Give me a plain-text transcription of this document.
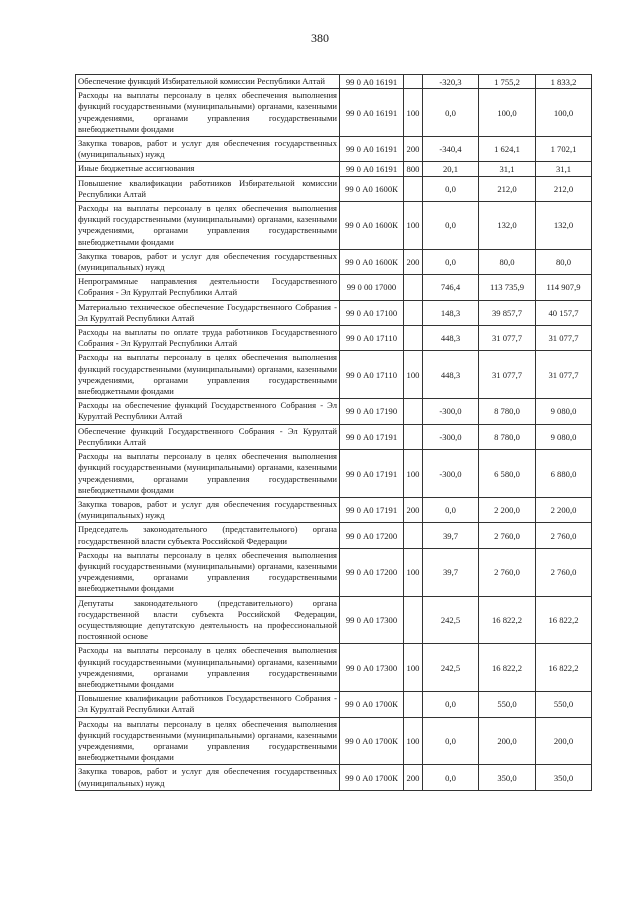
380
Обеспечение функций Избирательной комиссии Республики Алтай	99 0 А0 16191		-320,3	1 755,2	1 833,2
Расходы на выплаты персоналу в целях обеспечения выполнения функций государственными (муниципальными) органами, казенными учреждениями, органами управления государственными внебюджетными фондами	99 0 А0 16191	100	0,0	100,0	100,0
Закупка товаров, работ и услуг для обеспечения государственных (муниципальных) нужд	99 0 А0 16191	200	-340,4	1 624,1	1 702,1
Иные бюджетные ассигнования	99 0 А0 16191	800	20,1	31,1	31,1
Повышение квалификации работников Избирательной комиссии Республики Алтай	99 0 А0 1600К		0,0	212,0	212,0
Расходы на выплаты персоналу в целях обеспечения выполнения функций государственными (муниципальными) органами, казенными учреждениями, органами управления государственными внебюджетными фондами	99 0 А0 1600К	100	0,0	132,0	132,0
Закупка товаров, работ и услуг для обеспечения государственных (муниципальных) нужд	99 0 А0 1600К	200	0,0	80,0	80,0
Непрограммные направления деятельности Государственного Собрания - Эл Курултай Республики Алтай	99 0 00 17000		746,4	113 735,9	114 907,9
Материально техническое обеспечение Государственного Собрания - Эл Курултай Республики Алтай	99 0 А0 17100		148,3	39 857,7	40 157,7
Расходы на выплаты по оплате труда работников Государственного Собрания - Эл Курултай Республики Алтай	99 0 А0 17110		448,3	31 077,7	31 077,7
Расходы на выплаты персоналу в целях обеспечения выполнения функций государственными (муниципальными) органами, казенными учреждениями, органами управления государственными внебюджетными фондами	99 0 А0 17110	100	448,3	31 077,7	31 077,7
Расходы на обеспечение функций Государственного Собрания - Эл Курултай Республики Алтай	99 0 А0 17190		-300,0	8 780,0	9 080,0
Обеспечение функций Государственного Собрания - Эл Курултай Республики Алтай	99 0 А0 17191		-300,0	8 780,0	9 080,0
Расходы на выплаты персоналу в целях обеспечения выполнения функций государственными (муниципальными) органами, казенными учреждениями, органами управления государственными внебюджетными фондами	99 0 А0 17191	100	-300,0	6 580,0	6 880,0
Закупка товаров, работ и услуг для обеспечения государственных (муниципальных) нужд	99 0 А0 17191	200	0,0	2 200,0	2 200,0
Председатель законодательного (представительного) органа государственной власти субъекта Российской Федерации	99 0 А0 17200		39,7	2 760,0	2 760,0
Расходы на выплаты персоналу в целях обеспечения выполнения функций государственными (муниципальными) органами, казенными учреждениями, органами управления государственными внебюджетными фондами	99 0 А0 17200	100	39,7	2 760,0	2 760,0
Депутаты законодательного (представительного) органа государственной власти субъекта Российской Федерации, осуществляющие депутатскую деятельность на профессиональной постоянной основе	99 0 А0 17300		242,5	16 822,2	16 822,2
Расходы на выплаты персоналу в целях обеспечения выполнения функций государственными (муниципальными) органами, казенными учреждениями, органами управления государственными внебюджетными фондами	99 0 А0 17300	100	242,5	16 822,2	16 822,2
Повышение квалификации работников Государственного Собрания - Эл Курултай Республики Алтай	99 0 А0 1700К		0,0	550,0	550,0
Расходы на выплаты персоналу в целях обеспечения выполнения функций государственными (муниципальными) органами, казенными учреждениями, органами управления государственными внебюджетными фондами	99 0 А0 1700К	100	0,0	200,0	200,0
Закупка товаров, работ и услуг для обеспечения государственных (муниципальных) нужд	99 0 А0 1700К	200	0,0	350,0	350,0
